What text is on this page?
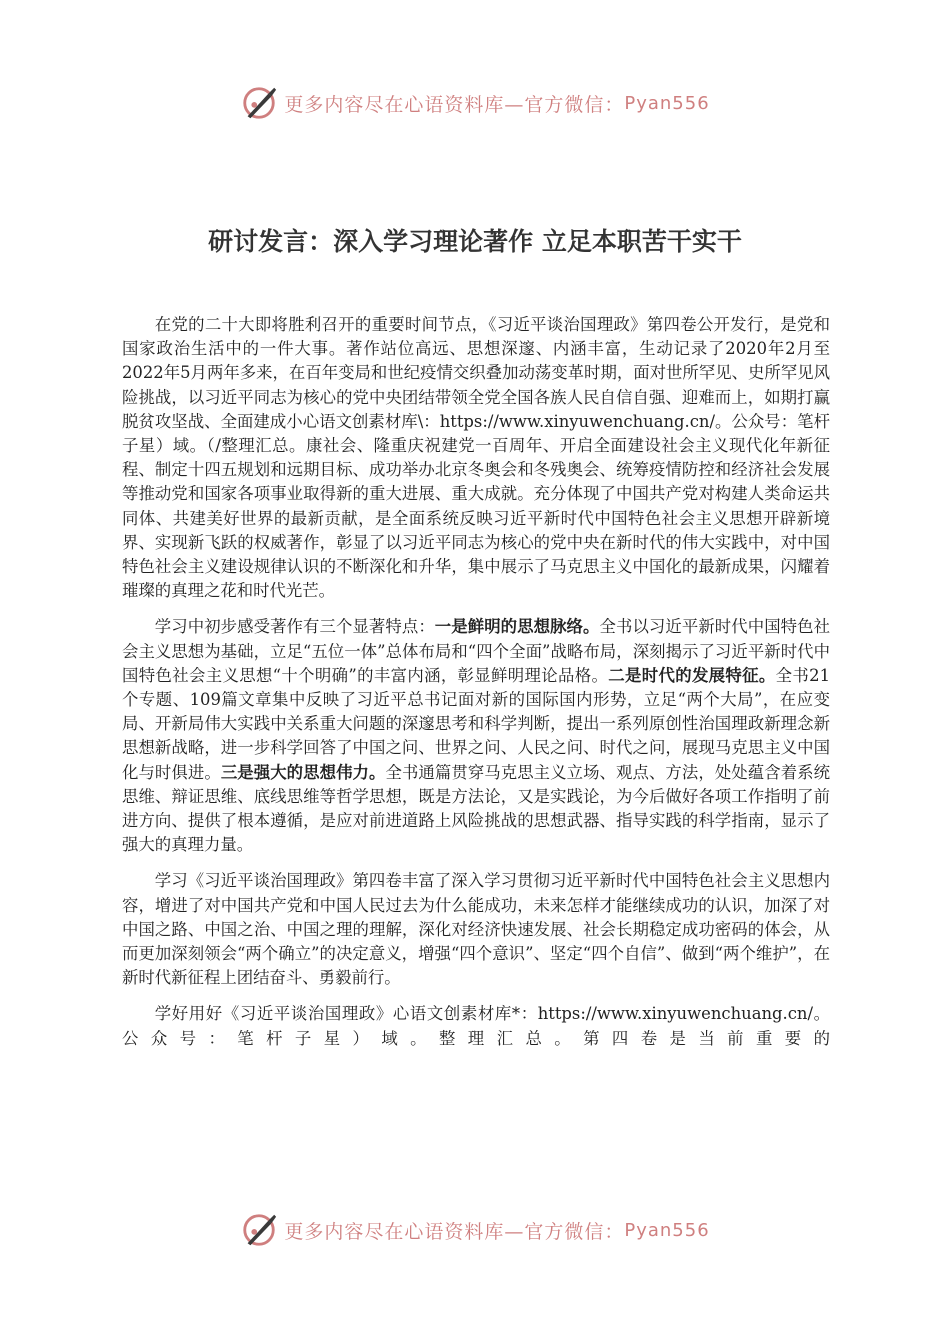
更多内容尽在心语资料库—官方微信： Pyan556
研讨发言：深入学习理论著作 立足本职苦干实干

在党的二十大即将胜利召开的重要时间节点，《习近平谈治国理政》第四卷公开发行，是党和国家政治生活中的一件大事。著作站位高远、思想深邃、内涵丰富，生动记录了2020年2月至2022年5月两年多来，在百年变局和世纪疫情交织叠加动荡变革时期，面对世所罕见、史所罕见风险挑战，以习近平同志为核心的党中央团结带领全党全国各族人民自信自强、迎难而上，如期打赢脱贫攻坚战、全面建成小心语文创素材库\：https://www.xinyuwenchuang.cn/。公众号：笔杆子星）域。（/整理汇总。康社会、隆重庆祝建党一百周年、开启全面建设社会主义现代化年新征程、制定十四五规划和远期目标、成功举办北京冬奥会和冬残奥会、统筹疫情防控和经济社会发展等推动党和国家各项事业取得新的重大进展、重大成就。充分体现了中国共产党对构建人类命运共同体、共建美好世界的最新贡献，是全面系统反映习近平新时代中国特色社会主义思想开辟新境界、实现新飞跃的权威著作，彰显了以习近平同志为核心的党中央在新时代的伟大实践中，对中国特色社会主义建设规律认识的不断深化和升华，集中展示了马克思主义中国化的最新成果，闪耀着璀璨的真理之花和时代光芒。

学习中初步感受著作有三个显著特点：一是鲜明的思想脉络。全书以习近平新时代中国特色社会主义思想为基础，立足“五位一体”总体布局和“四个全面”战略布局，深刻揭示了习近平新时代中国特色社会主义思想“十个明确”的丰富内涵，彰显鲜明理论品格。二是时代的发展特征。全书21个专题、109篇文章集中反映了习近平总书记面对新的国际国内形势，立足“两个大局”，在应变局、开新局伟大实践中关系重大问题的深邃思考和科学判断，提出一系列原创性治国理政新理念新思想新战略，进一步科学回答了中国之问、世界之问、人民之问、时代之问，展现马克思主义中国化与时俱进。三是强大的思想伟力。全书通篇贯穿马克思主义立场、观点、方法，处处蕴含着系统思维、辩证思维、底线思维等哲学思想，既是方法论，又是实践论，为今后做好各项工作指明了前进方向、提供了根本遵循，是应对前进道路上风险挑战的思想武器、指导实践的科学指南，显示了强大的真理力量。

学习《习近平谈治国理政》第四卷丰富了深入学习贯彻习近平新时代中国特色社会主义思想内容，增进了对中国共产党和中国人民过去为什么能成功，未来怎样才能继续成功的认识，加深了对中国之路、中国之治、中国之理的理解，深化对经济快速发展、社会长期稳定成功密码的体会，从而更加深刻领会“两个确立”的决定意义，增强“四个意识”、坚定“四个自信”、做到“两个维护”，在新时代新征程上团结奋斗、勇毅前行。

学好用好《习近平谈治国理政》心语文创素材库*：https://www.xinyuwenchuang.cn/。公众号：笔杆子星）域。整理汇总。第四卷是当前重要的

更多内容尽在心语资料库—官方微信： Pyan556
